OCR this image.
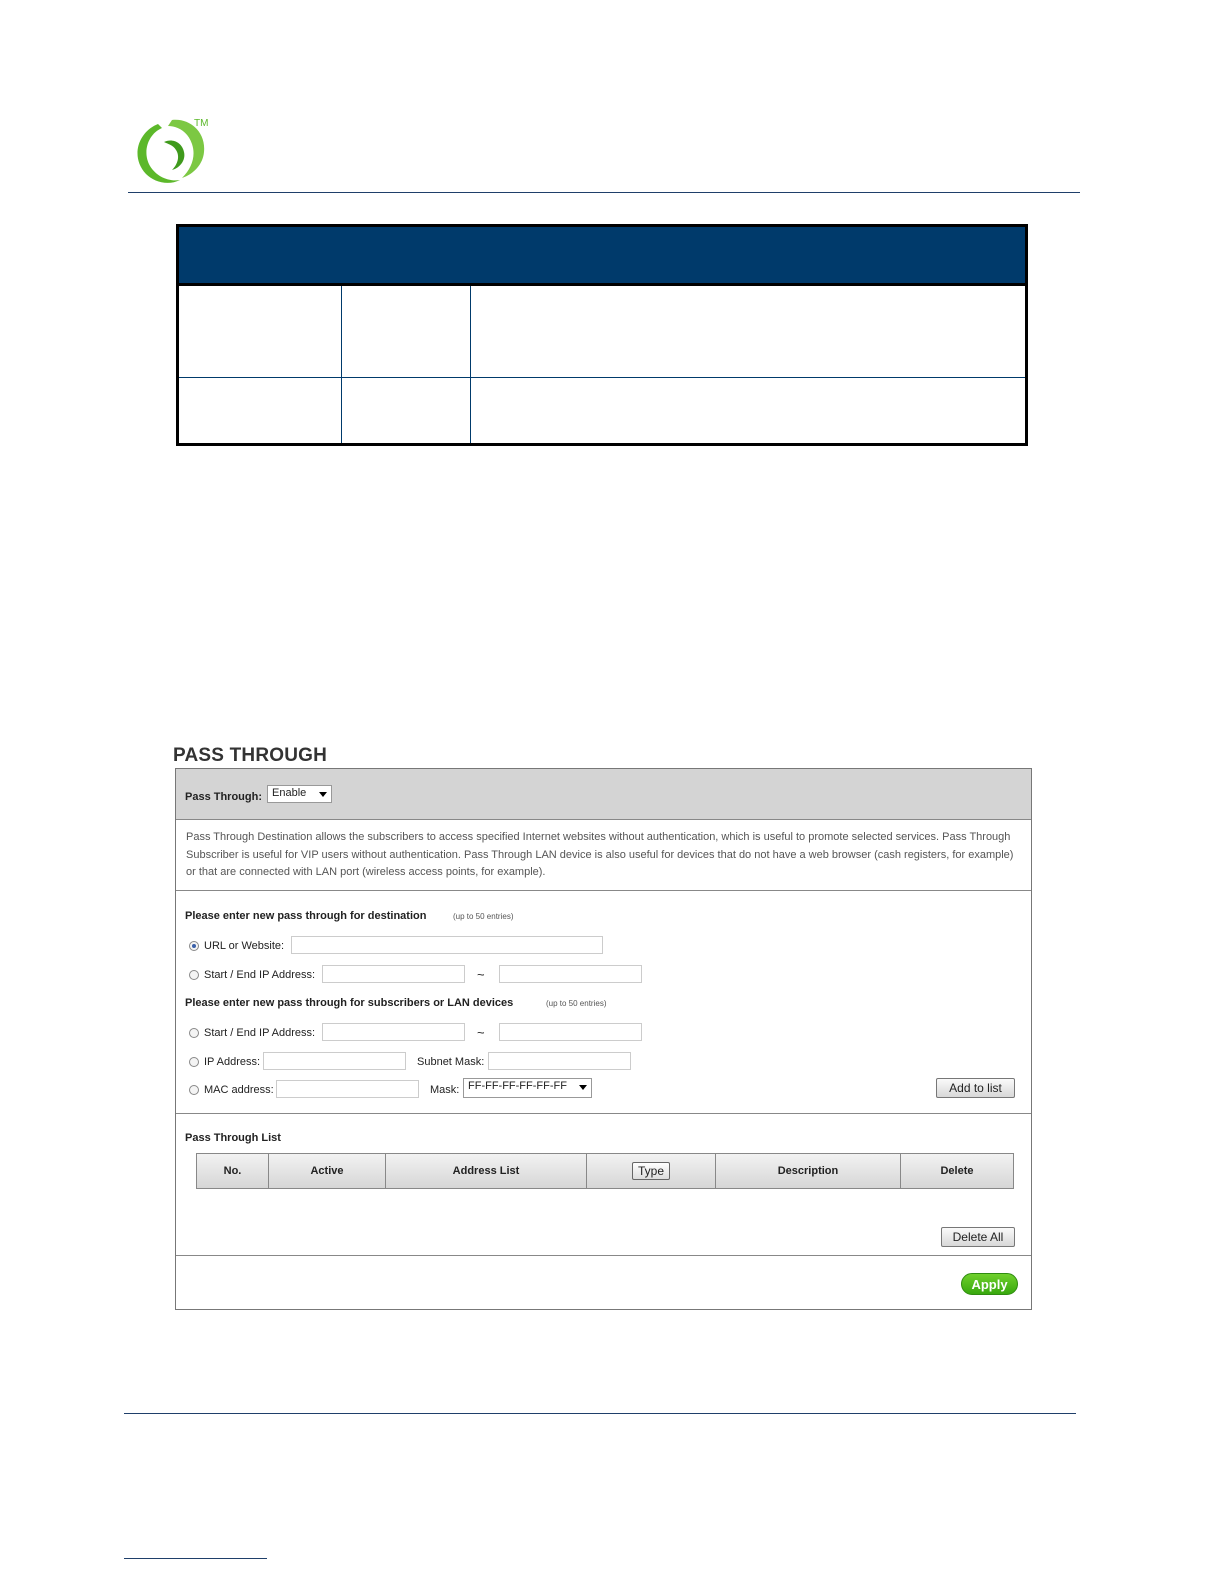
TM
PASS THROUGH
Pass Through: Enable
Pass Through Destination allows the subscribers to access specified Internet websites without authentication, which is useful to promote selected services. Pass Through Subscriber is useful for VIP users without authentication. Pass Through LAN device is also useful for devices that do not have a web browser (cash registers, for example) or that are connected with LAN port (wireless access points, for example).
Please enter new pass through for destination	(up to 50 entries)
URL or Website:
Start / End IP Address:	~
Please enter new pass through for subscribers or LAN devices	(up to 50 entries)
Start / End IP Address:	~
IP Address:	Subnet Mask:
MAC address:	Mask: FF-FF-FF-FF-FF-FF	Add to list
Pass Through List
No.	Active	Address List	Type	Description	Delete
Delete All
Apply
